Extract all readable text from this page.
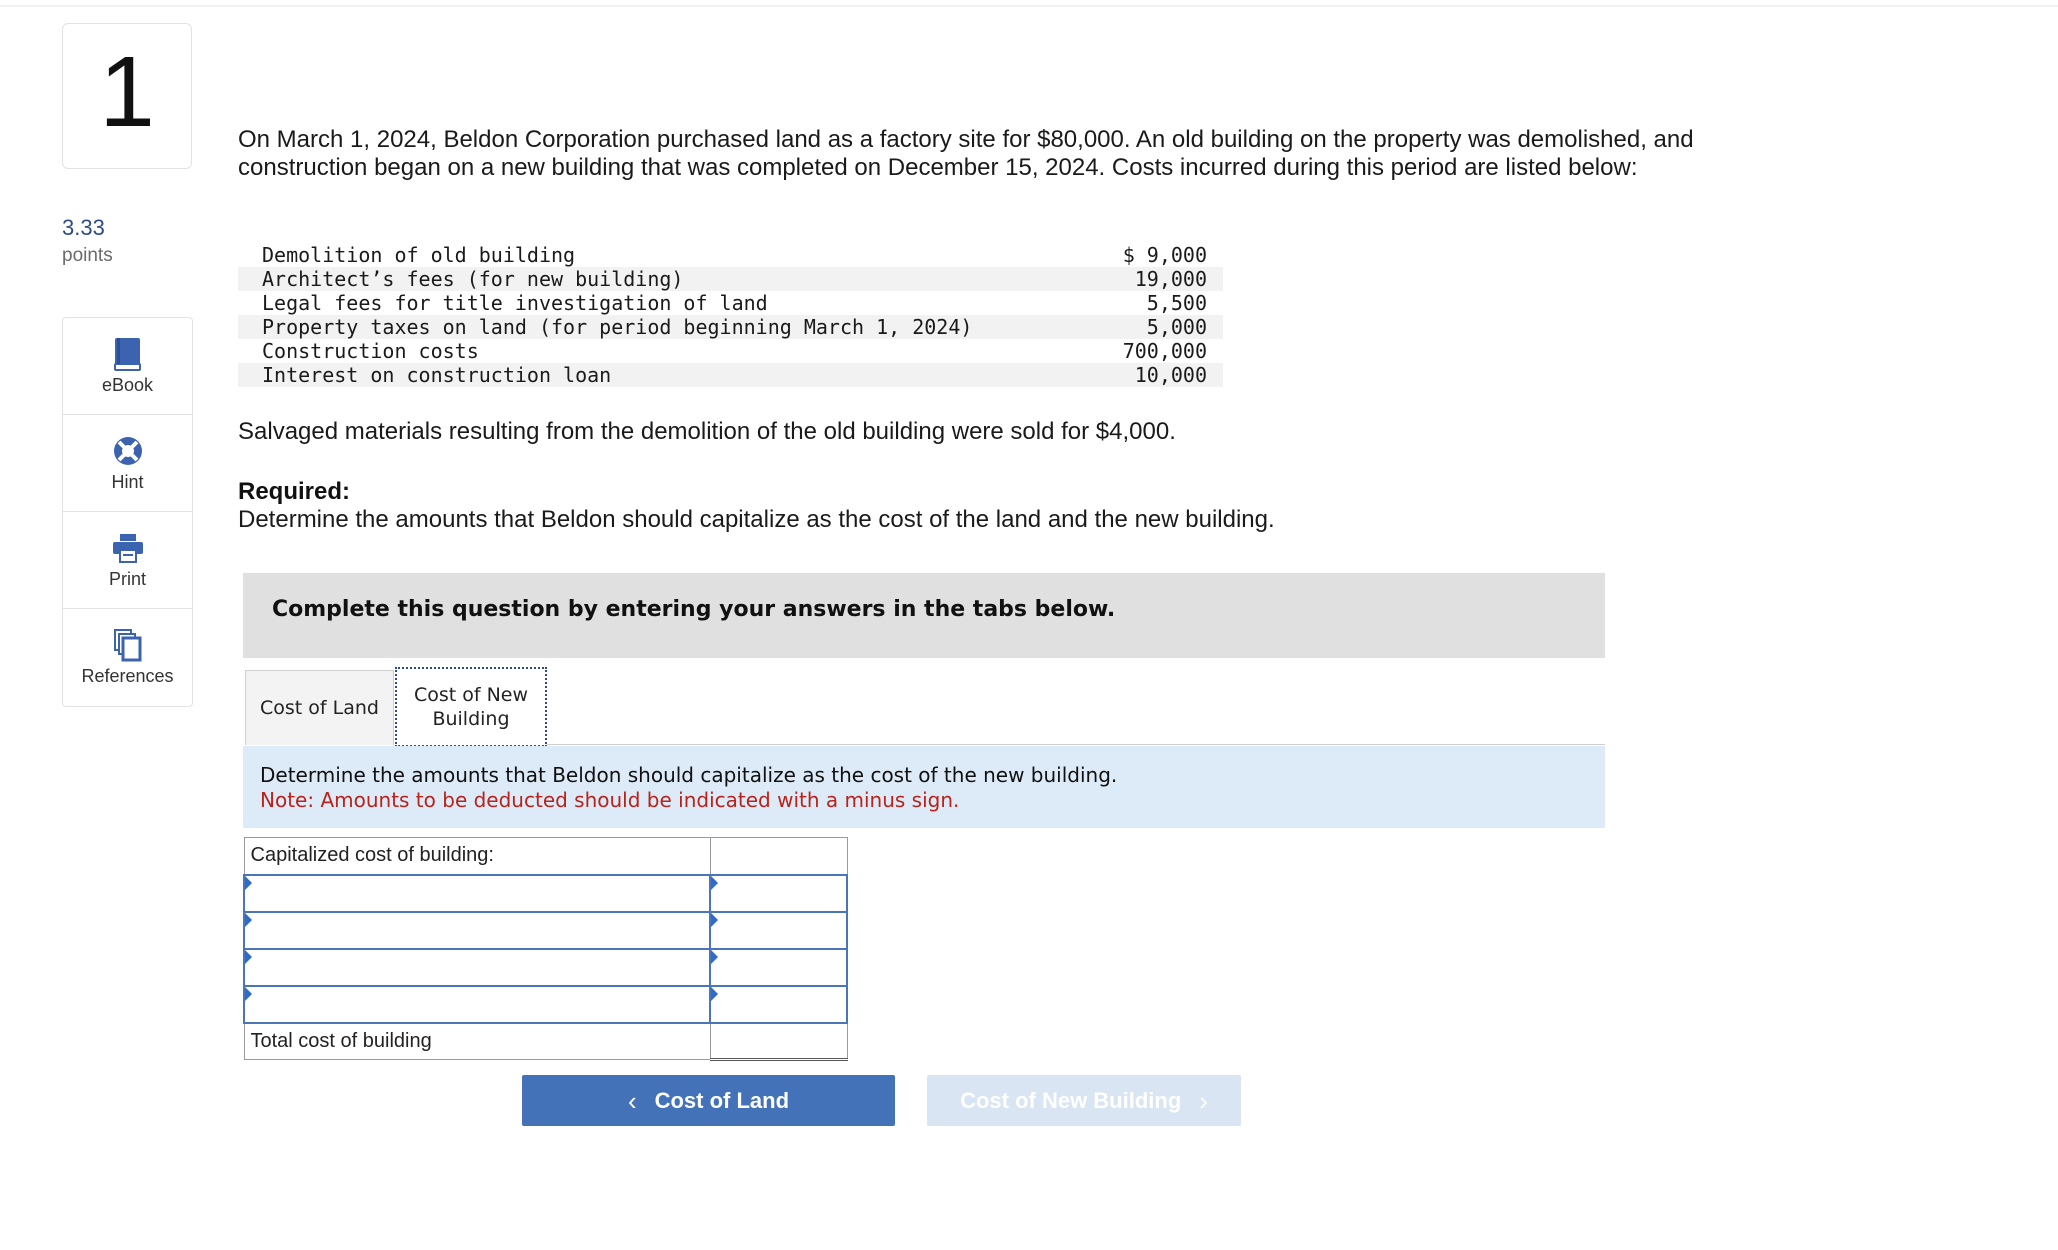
1
3.33
points
eBook
Hint
Print
References

On March 1, 2024, Beldon Corporation purchased land as a factory site for $80,000. An old building on the property was demolished, and construction began on a new building that was completed on December 15, 2024. Costs incurred during this period are listed below:

Demolition of old building	$ 9,000
Architect’s fees (for new building)	19,000
Legal fees for title investigation of land	5,500
Property taxes on land (for period beginning March 1, 2024)	5,000
Construction costs	700,000
Interest on construction loan	10,000
Salvaged materials resulting from the demolition of the old building were sold for $4,000.
Required:
Determine the amounts that Beldon should capitalize as the cost of the land and the new building.
Complete this question by entering your answers in the tabs below.
Cost of Land
Cost of New
Building
Determine the amounts that Beldon should capitalize as the cost of the new building.
Note: Amounts to be deducted should be indicated with a minus sign.
Capitalized cost of building:	

Total cost of building	
‹ Cost of Land	Cost of New Building ›
